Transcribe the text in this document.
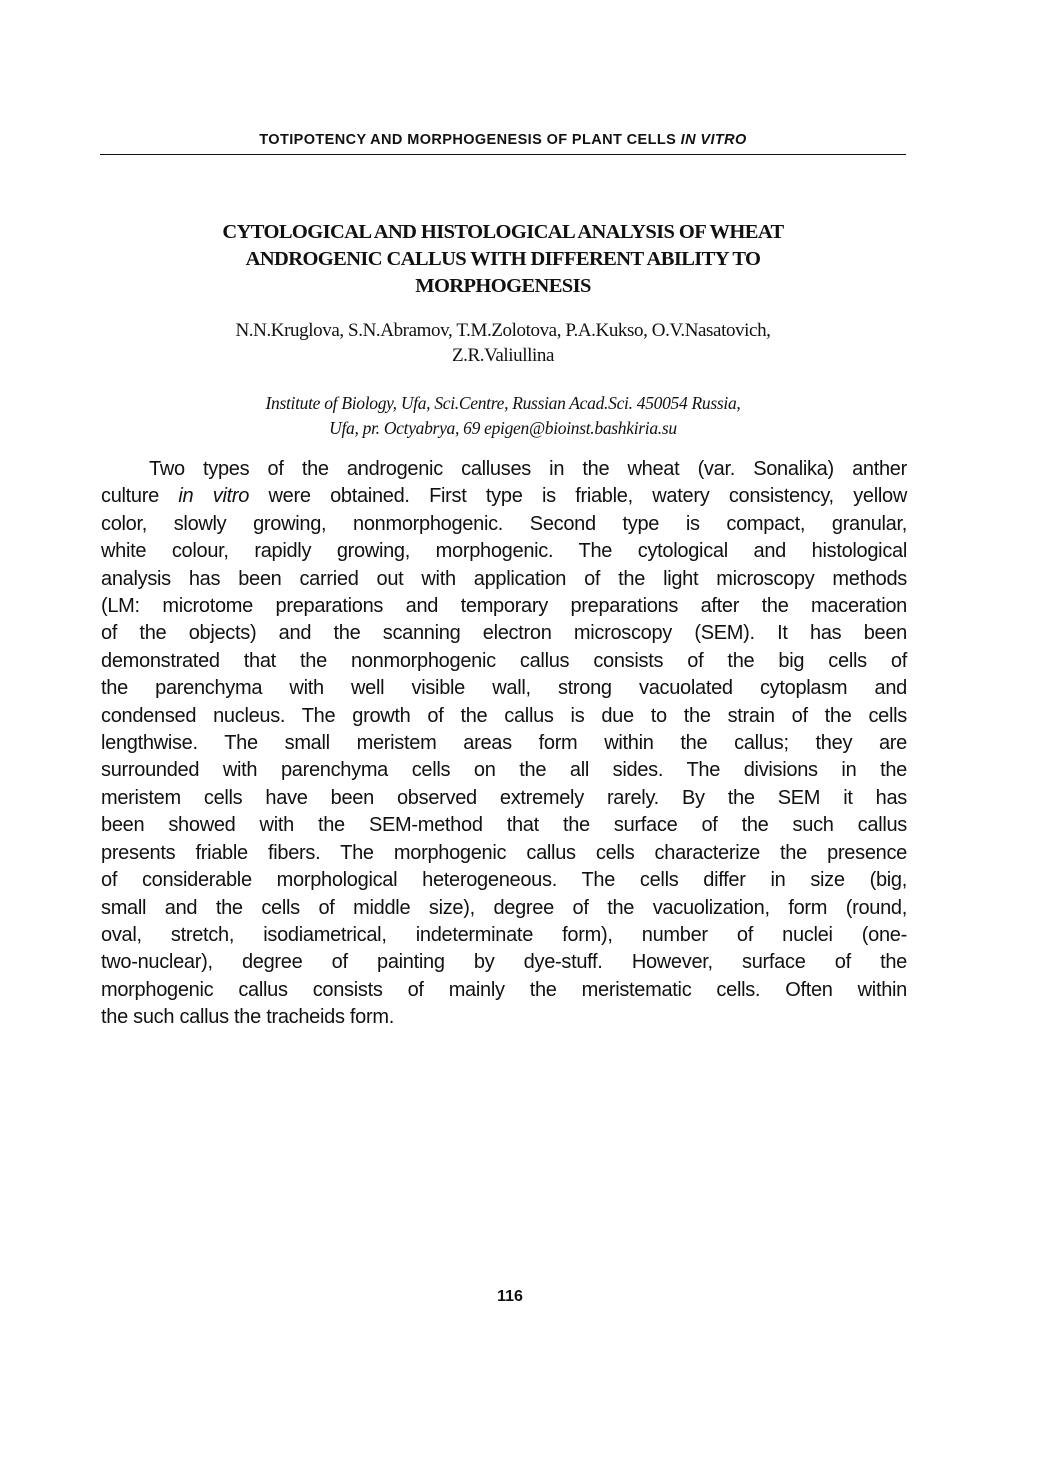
TOTIPOTENCY AND MORPHOGENESIS OF PLANT CELLS IN VITRO
CYTOLOGICAL AND HISTOLOGICAL ANALYSIS OF WHEAT
ANDROGENIC CALLUS WITH DIFFERENT ABILITY TO
MORPHOGENESIS
N.N.Kruglova, S.N.Abramov, T.M.Zolotova, P.A.Kukso, O.V.Nasatovich,
Z.R.Valiullina
Institute of Biology, Ufa, Sci.Centre, Russian Acad.Sci. 450054 Russia,
Ufa, pr. Octyabrya, 69 epigen@bioinst.bashkiria.su
Two types of the androgenic calluses in the wheat (var. Sonalika) anther
culture in vitro were obtained. First type is friable, watery consistency, yellow
color, slowly growing, nonmorphogenic. Second type is compact, granular,
white colour, rapidly growing, morphogenic. The cytological and histological
analysis has been carried out with application of the light microscopy methods
(LM: microtome preparations and temporary preparations after the maceration
of the objects) and the scanning electron microscopy (SEM). It has been
demonstrated that the nonmorphogenic callus consists of the big cells of
the parenchyma with well visible wall, strong vacuolated cytoplasm and
condensed nucleus. The growth of the callus is due to the strain of the cells
lengthwise. The small meristem areas form within the callus; they are
surrounded with parenchyma cells on the all sides. The divisions in the
meristem cells have been observed extremely rarely. By the SEM it has
been showed with the SEM-method that the surface of the such callus
presents friable fibers. The morphogenic callus cells characterize the presence
of considerable morphological heterogeneous. The cells differ in size (big,
small and the cells of middle size), degree of the vacuolization, form (round,
oval, stretch, isodiametrical, indeterminate form), number of nuclei (one-
two-nuclear), degree of painting by dye-stuff. However, surface of the
morphogenic callus consists of mainly the meristematic cells. Often within
the such callus the tracheids form.
116
